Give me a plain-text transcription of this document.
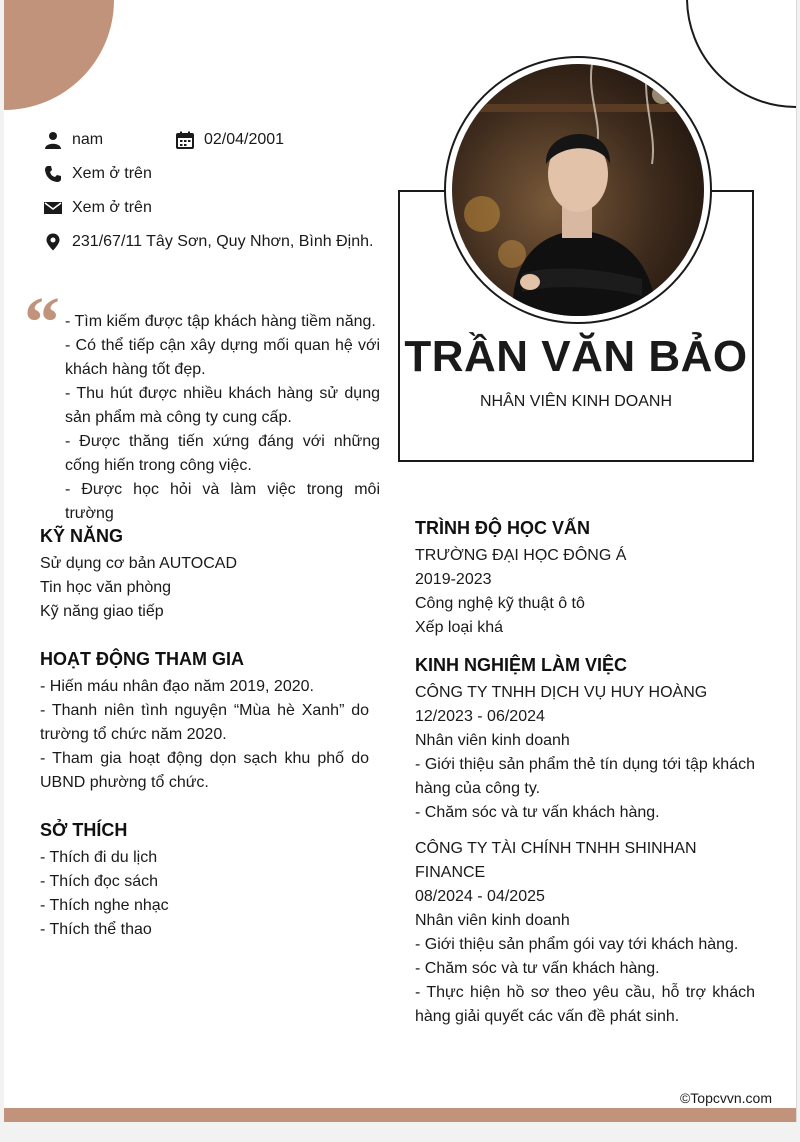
nam	02/04/2001
Xem ở trên
Xem ở trên
231/67/11 Tây Sơn, Quy Nhơn, Bình Định.
“ - Tìm kiếm được tập khách hàng tiềm năng.

- Có thể tiếp cận xây dựng mối quan hệ với khách hàng tốt đẹp.

- Thu hút được nhiều khách hàng sử dụng sản phẩm mà công ty cung cấp.

- Được thăng tiến xứng đáng với những cống hiến trong công việc.

- Được học hỏi và làm việc trong môi trường

TRẦN VĂN BẢO
NHÂN VIÊN KINH DOANH
KỸ NĂNG
Sử dụng cơ bản AUTOCAD
Tin học văn phòng
Kỹ năng giao tiếp
HOẠT ĐỘNG THAM GIA
- Hiến máu nhân đạo năm 2019, 2020.
- Thanh niên tình nguyện “Mùa hè Xanh” do trường tổ chức năm 2020.
- Tham gia hoạt động dọn sạch khu phố do UBND phường tổ chức.
SỞ THÍCH
- Thích đi du lịch
- Thích đọc sách
- Thích nghe nhạc
- Thích thể thao
TRÌNH ĐỘ HỌC VẤN
TRƯỜNG ĐẠI HỌC ĐÔNG Á
2019-2023
Công nghệ kỹ thuật ô tô
Xếp loại khá
KINH NGHIỆM LÀM VIỆC
CÔNG TY TNHH DỊCH VỤ HUY HOÀNG
12/2023 - 06/2024
Nhân viên kinh doanh
- Giới thiệu sản phẩm thẻ tín dụng tới tập khách hàng của công ty.
- Chăm sóc và tư vấn khách hàng.
CÔNG TY TÀI CHÍNH TNHH SHINHAN FINANCE
08/2024 - 04/2025
Nhân viên kinh doanh
- Giới thiệu sản phẩm gói vay tới khách hàng.
- Chăm sóc và tư vấn khách hàng.
- Thực hiện hồ sơ theo yêu cầu, hỗ trợ khách hàng giải quyết các vấn đề phát sinh.
©Topcvvn.com
